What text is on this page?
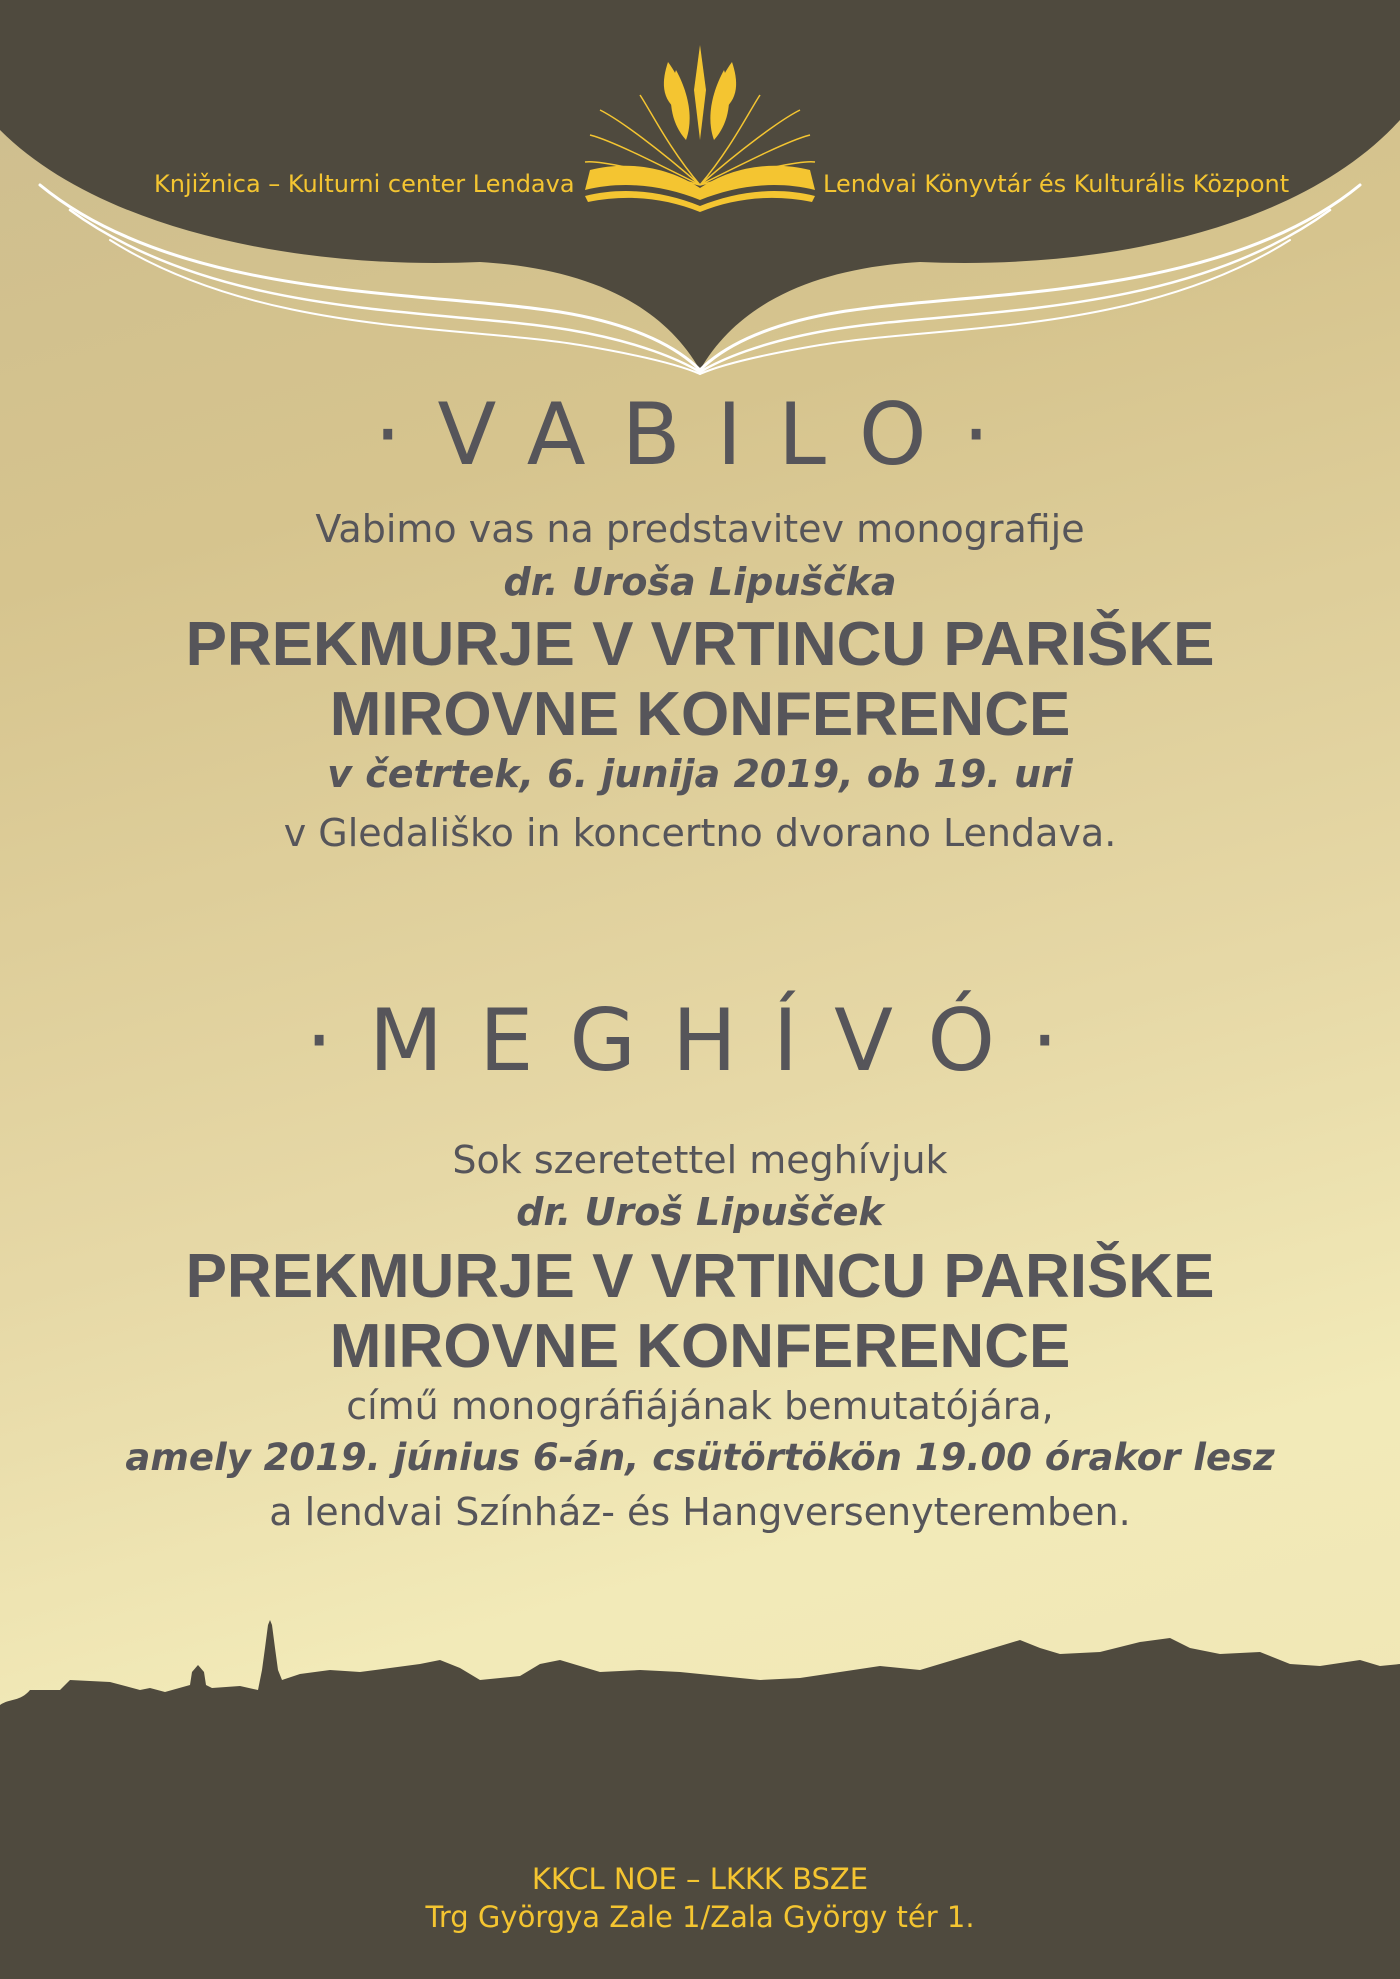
Knjižnica – Kulturni center Lendava	Lendvai Könyvtár és Kulturális Központ
·VABILO·
Vabimo vas na predstavitev monografije
dr. Uroša Lipuščka
PREKMURJE V VRTINCU PARIŠKE
MIROVNE KONFERENCE
v četrtek, 6. junija 2019, ob 19. uri
v Gledališko in koncertno dvorano Lendava.
·MEGHÍVÓ·
Sok szeretettel meghívjuk
dr. Uroš Lipušček
PREKMURJE V VRTINCU PARIŠKE
MIROVNE KONFERENCE
című monográfiájának bemutatójára,
amely 2019. június 6-án, csütörtökön 19.00 órakor lesz
a lendvai Színház- és Hangversenyteremben.
KKCL NOE – LKKK BSZE
Trg Györgya Zale 1/Zala György tér 1.
